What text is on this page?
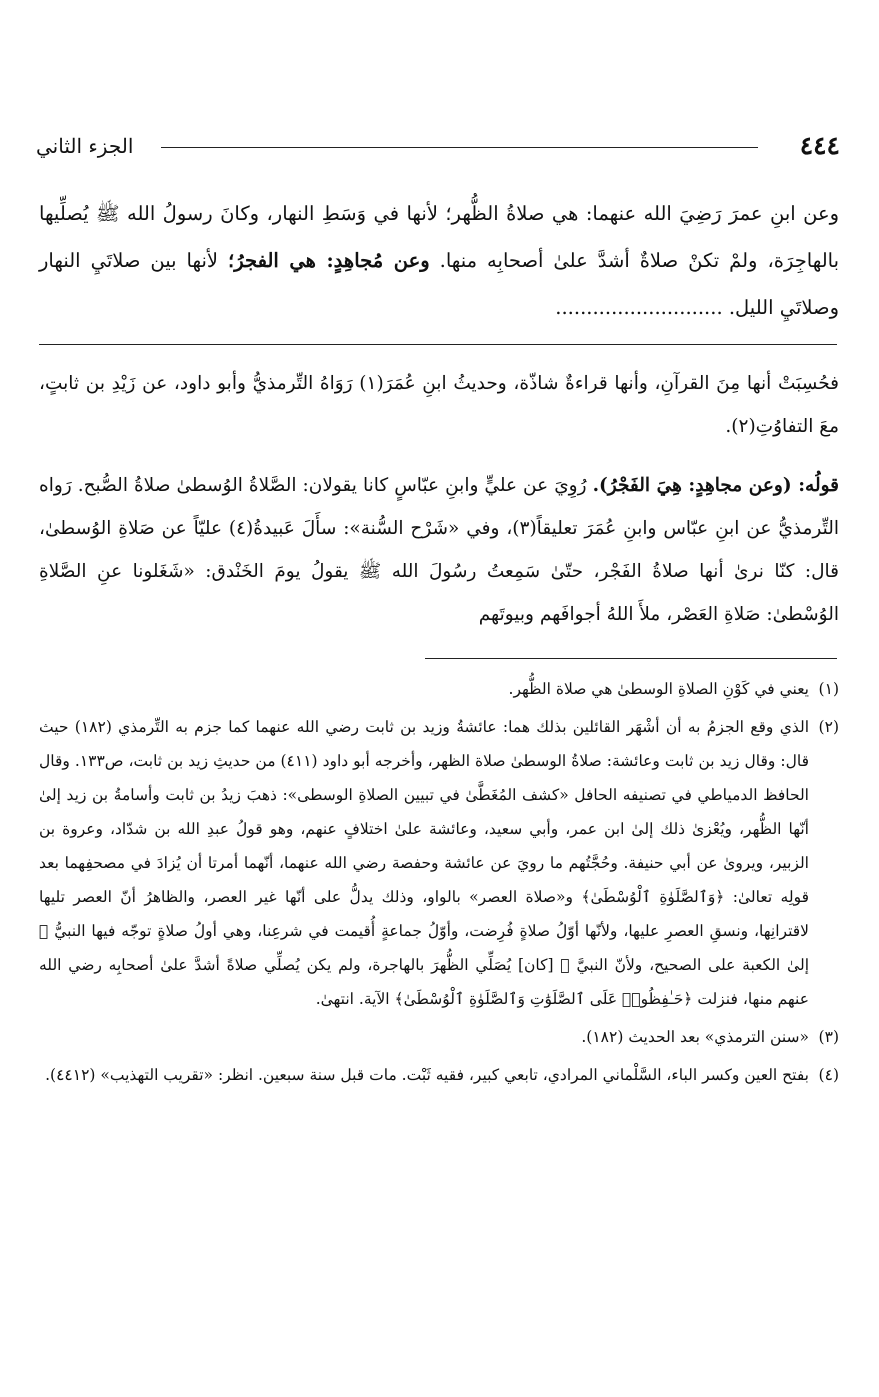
٤٤٤
الجزء الثاني

وعن ابنِ عمرَ رَضِيَ الله عنهما: هي صلاةُ الظُّهر؛ لأنها في وَسَطِ النهار، وكانَ رسولُ الله ﷺ يُصلِّيها بالهاجِرَة، ولمْ تكنْ صلاةٌ أشدَّ علىٰ أصحابِه منها. وعن مُجاهِدٍ: هي الفجرُ؛ لأنها بين صلاتَيِ النهار وصلاتَيِ الليل. ...........................

فحُسِبَتْ أنها مِنَ القرآنِ، وأنها قراءةٌ شاذّة، وحديثُ ابنِ عُمَرَ(١) رَوَاهُ التِّرمذيُّ وأبو داود، عن زَيْدِ بن ثابتٍ، معَ التفاوُتِ(٢).

قولُه: (وعن مجاهِدٍ: هِيَ الفَجْرُ). رُوِيَ عن عليٍّ وابنِ عبّاسٍ كانا يقولان: الصَّلاةُ الوُسطىٰ صلاةُ الصُّبح. رَواه التِّرمذيُّ عن ابنِ عبّاس وابنِ عُمَرَ تعليقاً(٣)، وفي «شَرْح السُّنة»: سأَلَ عَبيدةُ(٤) عليّاً عن صَلاةِ الوُسطىٰ، قال: كنّا نرىٰ أنها صلاةُ الفَجْر، حتّىٰ سَمِعتُ رسُولَ الله ﷺ يقولُ يومَ الخَنْدق: «شَغَلونا عنِ الصَّلاةِ الوُسْطىٰ: صَلاةِ العَصْر، ملأَ اللهُ أجوافَهم وبيوتَهم

(١)يعني في كَوْنِ الصلاةِ الوسطىٰ هي صلاة الظُّهر.

(٢)الذي وقع الجزمُ به أن أشْهَر القائلين بذلك هما: عائشةُ وزيد بن ثابت رضي الله عنهما كما جزم به التِّرمذي (١٨٢) حيث قال: وقال زيد بن ثابت وعائشة: صلاةُ الوسطىٰ صلاة الظهر، وأخرجه أبو داود (٤١١) من حديثِ زيد بن ثابت، ص١٣٣. وقال الحافظ الدمياطي في تصنيفه الحافل «كشف المُغَطَّىٰ في تبيين الصلاةِ الوسطى»: ذهبَ زيدُ بن ثابت وأسامةُ بن زيد إلىٰ أنّها الظُّهر، ويُعْزىٰ ذلك إلىٰ ابن عمر، وأبي سعيد، وعائشة علىٰ اختلافٍ عنهم، وهو قولُ عبدِ الله بن شدّاد، وعروة بن الزبير، ويروىٰ عن أبي حنيفة. وحُجَّتُهم ما رويَ عن عائشة وحفصة رضي الله عنهما، أنّهما أمرتا أن يُزادَ في مصحفِهما بعد قولِه تعالىٰ: ﴿وَٱلصَّلَوٰةِ ٱلْوُسْطَىٰ﴾ و«صلاة العصر» بالواو، وذلك يدلُّ على أنّها غير العصر، والظاهرُ أنّ العصر تليها لاقترانِها، ونسقِ العصرِ عليها، ولأنّها أوّلُ صلاةٍ فُرِضت، وأوّلُ جماعةٍ أُقيمت في شرعِنا، وهي أولُ صلاةٍ توجّه فيها النبيُّ ﷺ إلىٰ الكعبة على الصحيح، ولأنّ النبيَّ ﷺ [كان] يُصَلِّي الظُّهرَ بالهاجرة، ولم يكن يُصلِّي صلاةً أشدَّ علىٰ أصحابِه رضي الله عنهم منها، فنزلت ﴿حَـٰفِظُوا۟ عَلَى ٱلصَّلَوَٰتِ وَٱلصَّلَوٰةِ ٱلْوُسْطَىٰ﴾ الآية. انتهىٰ.

(٣)«سنن الترمذي» بعد الحديث (١٨٢).

(٤)بفتح العين وكسر الباء، السَّلْماني المرادي، تابعي كبير، فقيه ثَبْت. مات قبل سنة سبعين. انظر: «تقريب التهذيب» (٤٤١٢).
